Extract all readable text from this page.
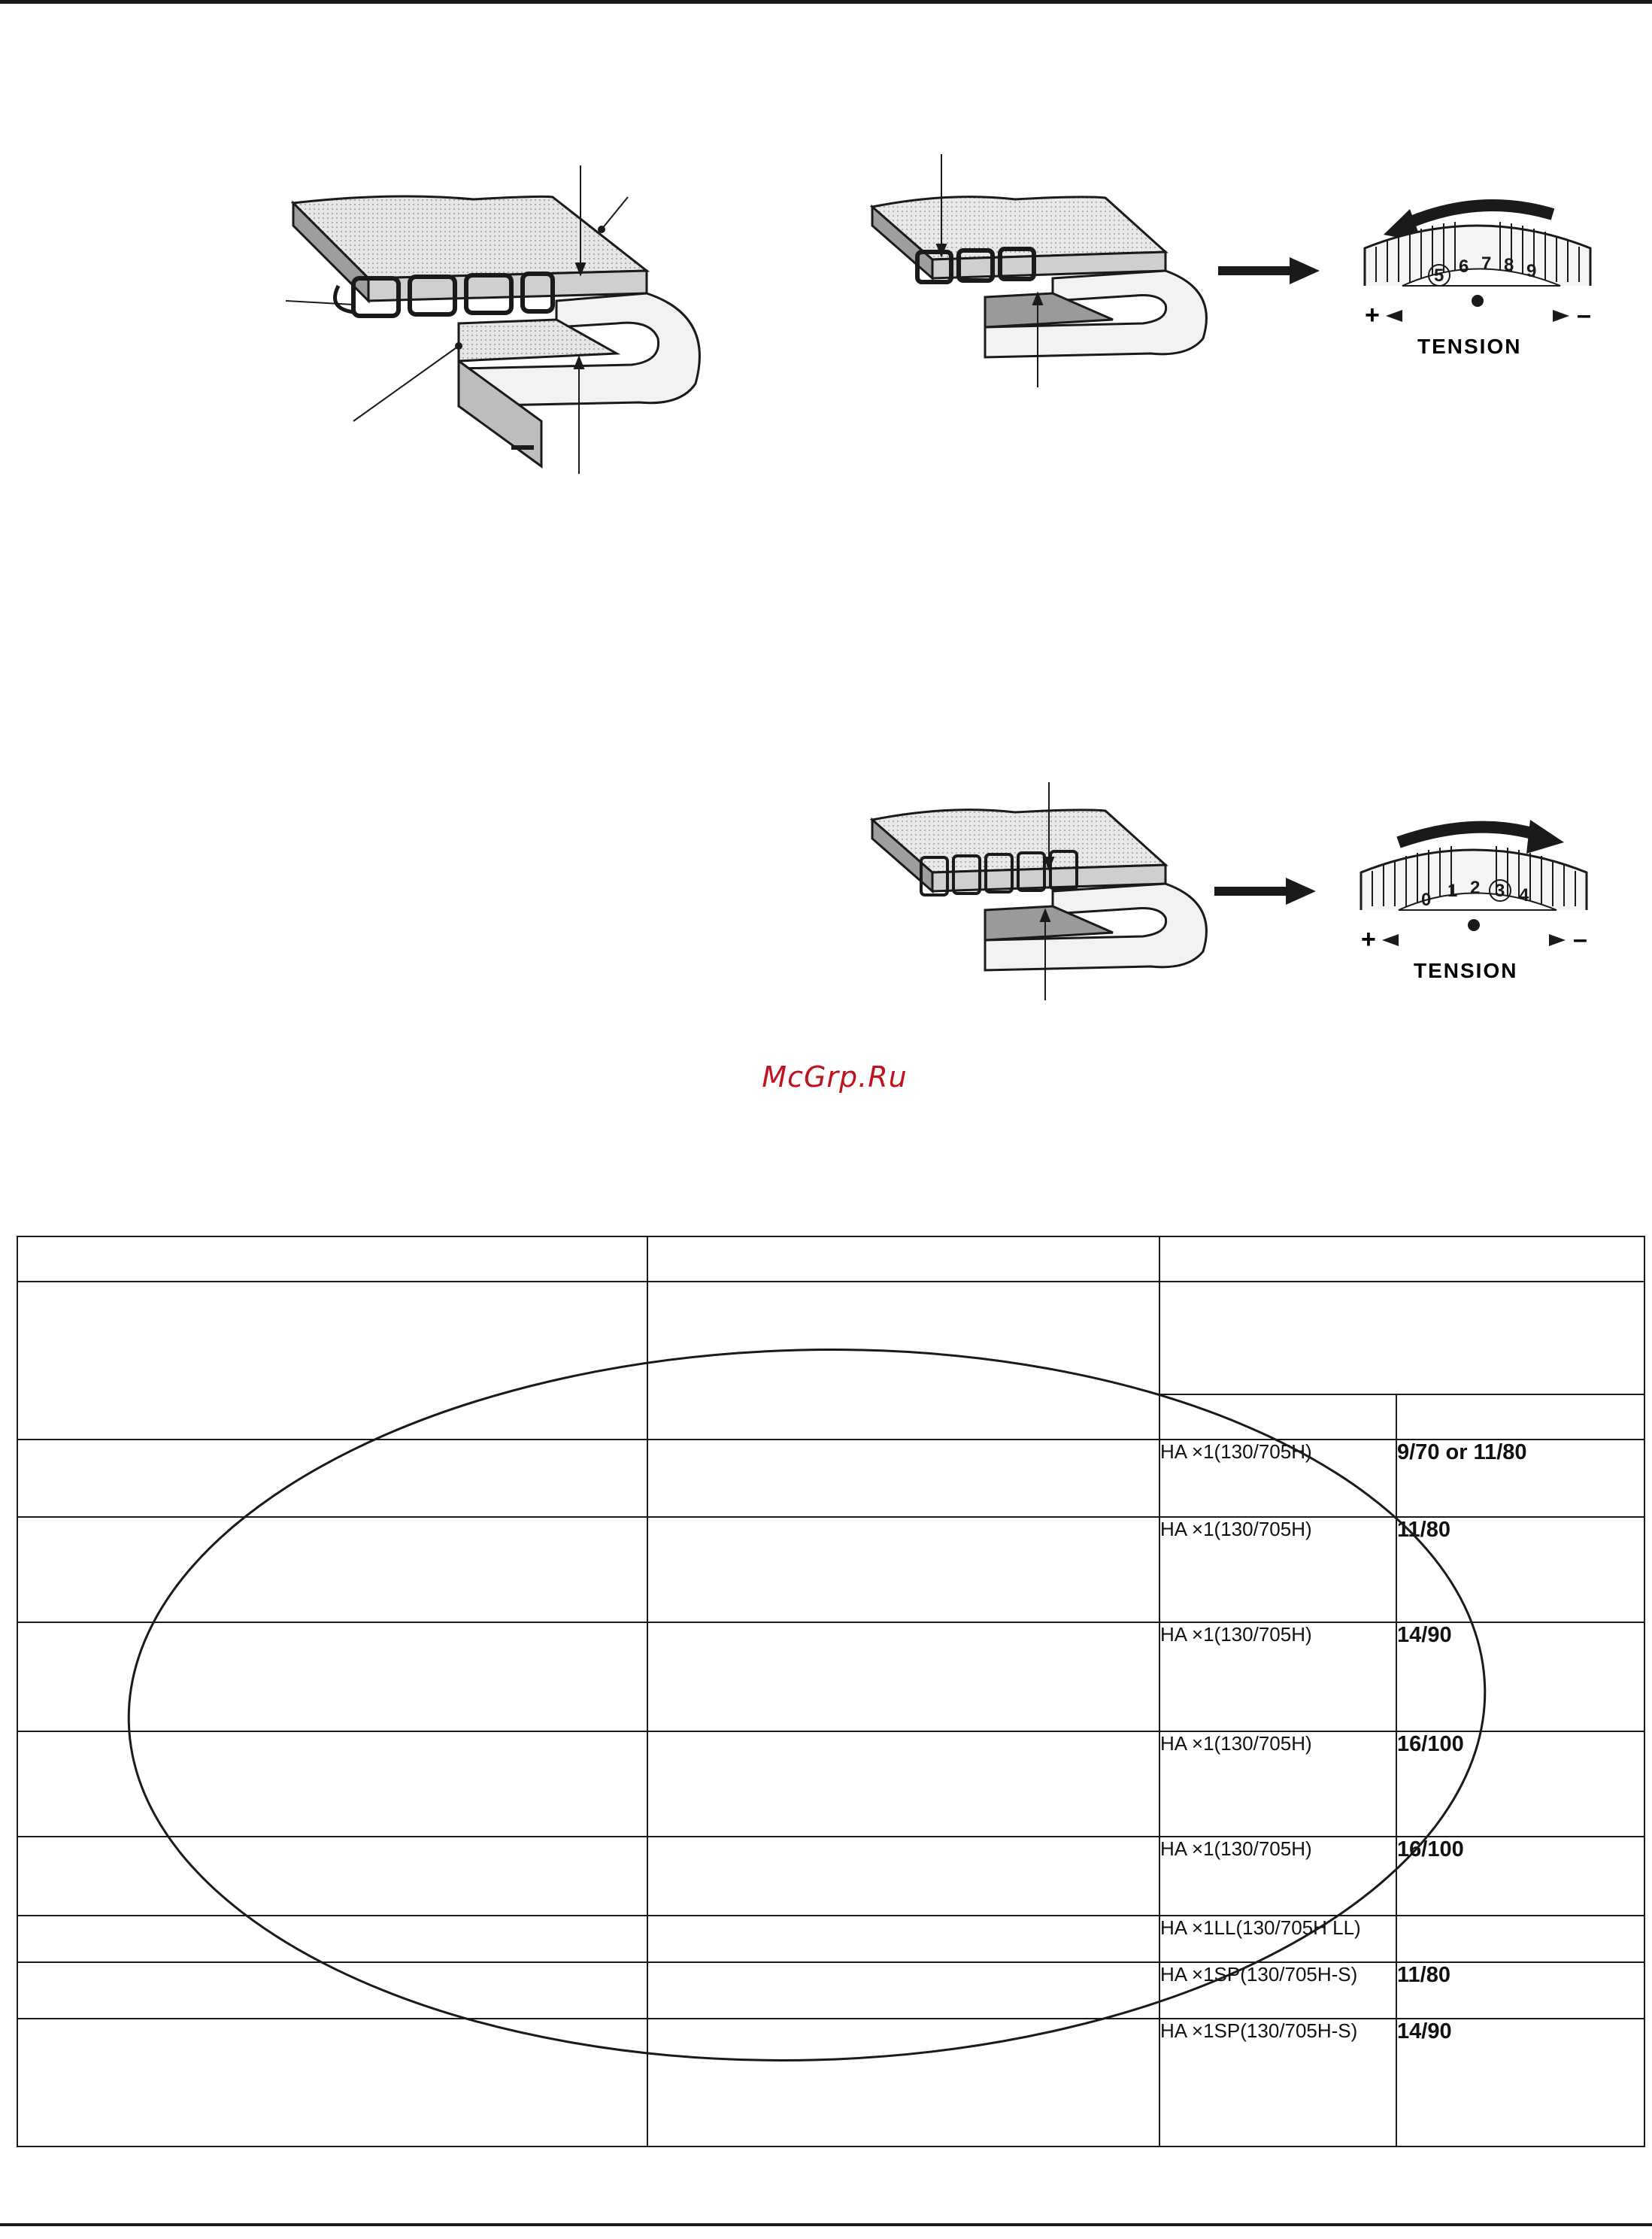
5 6 7 8 9
+	–
TENSION
0 1 2 3 4
+	–
TENSION
McGrp.Ru

		HA ×1(130/705H)	9/70 or 11/80
		HA ×1(130/705H)	11/80
		HA ×1(130/705H)	14/90
		HA ×1(130/705H)	16/100
		HA ×1(130/705H)	16/100
		HA ×1LL(130/705H LL)	
		HA ×1SP(130/705H-S)	11/80
		HA ×1SP(130/705H-S)	14/90
